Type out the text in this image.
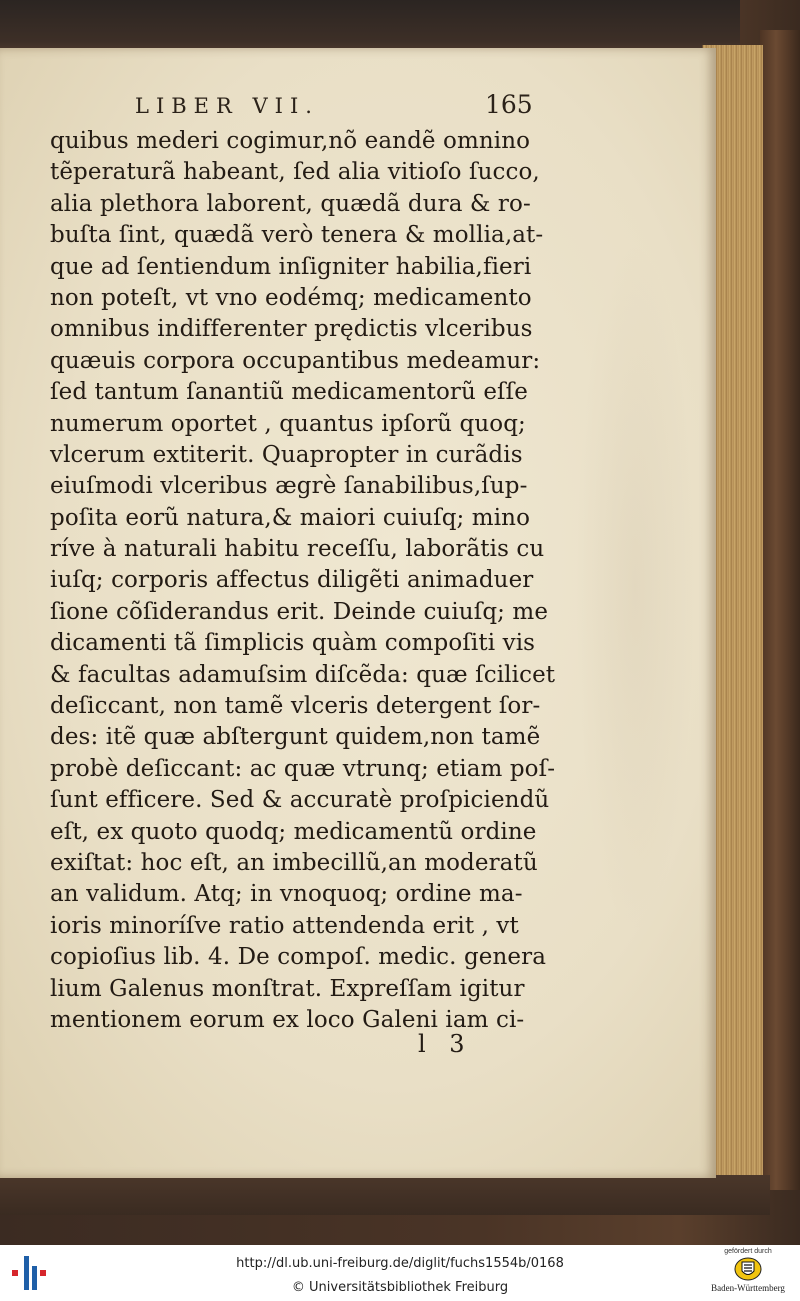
LIBER VII.	165
quibus mederi cogimur,nõ eandẽ omnino
tẽperaturã habeant, ſed alia vitioſo ſucco,
alia plethora laborent, quædã dura & ro-
buſta ſint, quædã verò tenera & mollia,at-
que ad ſentiendum inſigniter habilia,fieri
non poteſt, vt vno eodémq; medicamento
omnibus indifferenter prędictis vlceribus
quæuis corpora occupantibus medeamur:
ſed tantum ſanantiũ medicamentorũ eſſe
numerum oportet , quantus ipſorũ quoq;
vlcerum extiterit. Quapropter in curãdis
eiuſmodi vlceribus ægrè ſanabilibus,ſup-
poſita eorũ natura,& maiori cuiuſq; mino
ríve à naturali habitu receſſu, laborãtis cu
iuſq; corporis affectus diligẽti animaduer
ſione cõſiderandus erit. Deinde cuiuſq; me
dicamenti tã ſimplicis quàm compoſiti vis
& facultas adamuſsim diſcẽda: quæ ſcilicet
deſiccant, non tamẽ vlceris detergent ſor-
des: itẽ quæ abſtergunt quidem,non tamẽ
probè deſiccant: ac quæ vtrunq; etiam poſ-
ſunt efficere. Sed & accuratè proſpiciendũ
eſt, ex quoto quodq; medicamentũ ordine
exiſtat: hoc eſt, an imbecillũ,an moderatũ
an validum. Atq; in vnoquoq; ordine ma-
ioris minoríſve ratio attendenda erit , vt
copioſius lib. 4. De compoſ. medic. genera
lium Galenus monſtrat. Expreſſam igitur
mentionem eorum ex loco Galeni iam ci-
l 3
http://dl.ub.uni-freiburg.de/diglit/fuchs1554b/0168
© Universitätsbibliothek Freiburg
gefördert durch
Baden-Württemberg
